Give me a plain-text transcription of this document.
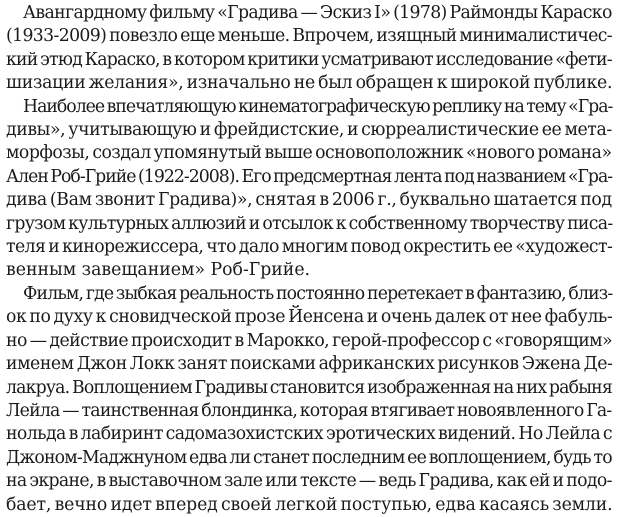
Авангардному фильму «Градива — Эскиз I» (1978) Раймонды Караско
(1933-2009) повезло еще меньше. Впрочем, изящный минималистичес-
кий этюд Караско, в котором критики усматривают исследование «фети-
шизации желания», изначально не был обращен к широкой публике.
Наиболее впечатляющую кинематографическую реплику на тему «Гра-
дивы», учитывающую и фрейдистские, и сюрреалистические ее мета-
морфозы, создал упомянутый выше основоположник «нового романа»
Ален Роб-Грийе (1922-2008). Его предсмертная лента под названием «Гра-
дива (Вам звонит Градива)», снятая в 2006 г., буквально шатается под
грузом культурных аллюзий и отсылок к собственному творчеству писа-
теля и кинорежиссера, что дало многим повод окрестить ее «художест-
венным завещанием» Роб-Грийе.
Фильм, где зыбкая реальность постоянно перетекает в фантазию, близ-
ок по духу к сновидческой прозе Йенсена и очень далек от нее фабуль-
но — действие происходит в Марокко, герой-профессор с «говорящим»
именем Джон Локк занят поисками африканских рисунков Эжена Де-
лакруа. Воплощением Градивы становится изображенная на них рабыня
Лейла — таинственная блондинка, которая втягивает новоявленного Га-
нольда в лабиринт садомазохистских эротических видений. Но Лейла с
Джоном-Маджнуном едва ли станет последним ее воплощением, будь то
на экране, в выставочном зале или тексте — ведь Градива, как ей и подо-
бает, вечно идет вперед своей легкой поступью, едва касаясь земли.
